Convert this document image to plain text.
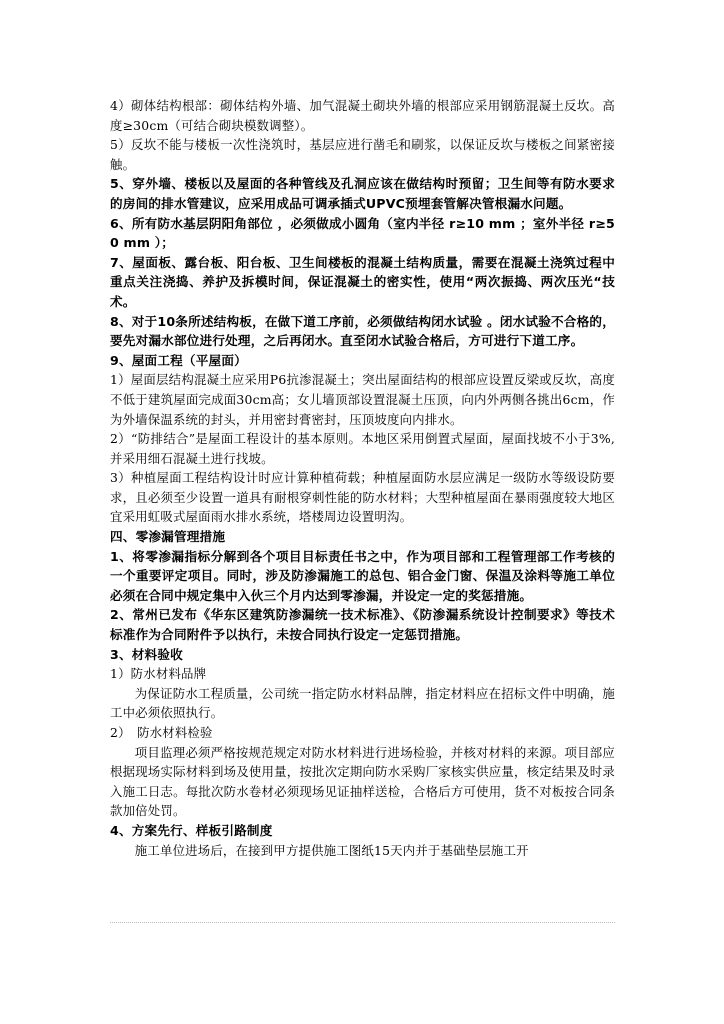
4）砌体结构根部：砌体结构外墙、加气混凝土砌块外墙的根部应采用钢筋混凝土反坎。高度≥30cm（可结合砌块模数调整）。

5）反坎不能与楼板一次性浇筑时，基层应进行凿毛和刷浆，以保证反坎与楼板之间紧密接触。

5、穿外墙、楼板以及屋面的各种管线及孔洞应该在做结构时预留；卫生间等有防水要求的房间的排水管建议，应采用成品可调承插式UPVC预埋套管解决管根漏水问题。

6、所有防水基层阴阳角部位 ，必须做成小圆角（室内半径 r≥10 mm ；室外半径 r≥50 mm ）；

7、屋面板、露台板、阳台板、卫生间楼板的混凝土结构质量，需要在混凝土浇筑过程中重点关注浇捣、养护及拆模时间，保证混凝土的密实性，使用“两次振捣、两次压光“技术。

8、对于10条所述结构板，在做下道工序前，必须做结构闭水试验 。闭水试验不合格的，要先对漏水部位进行处理，之后再闭水。直至闭水试验合格后，方可进行下道工序。

9、屋面工程（平屋面）

1）屋面层结构混凝土应采用P6抗渗混凝土；突出屋面结构的根部应设置反梁或反坎，高度不低于建筑屋面完成面30cm高；女儿墙顶部设置混凝土压顶，向内外两侧各挑出6cm，作为外墙保温系统的封头，并用密封膏密封，压顶坡度向内排水。

2）“防排结合”是屋面工程设计的基本原则。本地区采用倒置式屋面，屋面找坡不小于3%,并采用细石混凝土进行找坡。

3）种植屋面工程结构设计时应计算种植荷载；种植屋面防水层应满足一级防水等级设防要求，且必须至少设置一道具有耐根穿刺性能的防水材料；大型种植屋面在暴雨强度较大地区宜采用虹吸式屋面雨水排水系统，塔楼周边设置明沟。

四、零渗漏管理措施

1、将零渗漏指标分解到各个项目目标责任书之中，作为项目部和工程管理部工作考核的一个重要评定项目。同时，涉及防渗漏施工的总包、铝合金门窗、保温及涂料等施工单位必须在合同中规定集中入伙三个月内达到零渗漏，并设定一定的奖惩措施。

2、常州已发布《华东区建筑防渗漏统一技术标准》、《防渗漏系统设计控制要求》等技术标准作为合同附件予以执行，未按合同执行设定一定惩罚措施。

3、材料验收

1）防水材料品牌

为保证防水工程质量，公司统一指定防水材料品牌，指定材料应在招标文件中明确，施工中必须依照执行。

2）　防水材料检验

项目监理必须严格按规范规定对防水材料进行进场检验，并核对材料的来源。项目部应根据现场实际材料到场及使用量，按批次定期向防水采购厂家核实供应量，核定结果及时录入施工日志。每批次防水卷材必须现场见证抽样送检，合格后方可使用，货不对板按合同条款加倍处罚。

4、方案先行、样板引路制度

施工单位进场后，在接到甲方提供施工图纸15天内并于基础垫层施工开
